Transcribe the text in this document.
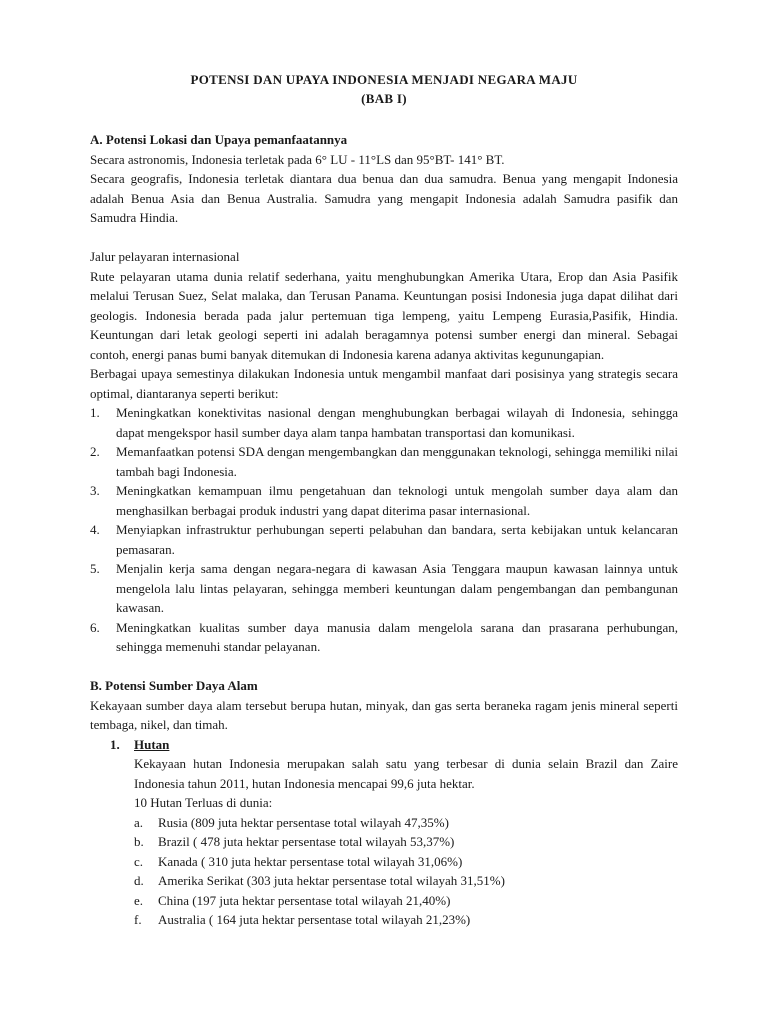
POTENSI DAN UPAYA INDONESIA MENJADI NEGARA MAJU
(BAB I)
A. Potensi Lokasi dan Upaya pemanfaatannya

Secara astronomis, Indonesia terletak pada 6° LU - 11°LS dan 95°BT- 141° BT.

Secara geografis, Indonesia terletak diantara dua benua dan dua samudra. Benua yang mengapit Indonesia adalah Benua Asia dan Benua Australia. Samudra yang mengapit Indonesia adalah Samudra pasifik dan Samudra Hindia.

Jalur pelayaran internasional

Rute pelayaran utama dunia relatif sederhana, yaitu menghubungkan Amerika Utara, Erop dan Asia Pasifik melalui Terusan Suez, Selat malaka, dan Terusan Panama. Keuntungan posisi Indonesia juga dapat dilihat dari geologis. Indonesia berada pada jalur pertemuan tiga lempeng, yaitu Lempeng Eurasia,Pasifik, Hindia. Keuntungan dari letak geologi seperti ini adalah beragamnya potensi sumber energi dan mineral. Sebagai contoh, energi panas bumi banyak ditemukan di Indonesia karena adanya aktivitas kegunungapian.

Berbagai upaya semestinya dilakukan Indonesia untuk mengambil manfaat dari posisinya yang strategis secara optimal, diantaranya seperti berikut:

1. Meningkatkan konektivitas nasional dengan menghubungkan berbagai wilayah di Indonesia, sehingga dapat mengekspor hasil sumber daya alam tanpa hambatan transportasi dan komunikasi.
2. Memanfaatkan potensi SDA dengan mengembangkan dan menggunakan teknologi, sehingga memiliki nilai tambah bagi Indonesia.
3. Meningkatkan kemampuan ilmu pengetahuan dan teknologi untuk mengolah sumber daya alam dan menghasilkan berbagai produk industri yang dapat diterima pasar internasional.
4. Menyiapkan infrastruktur perhubungan seperti pelabuhan dan bandara, serta kebijakan untuk kelancaran pemasaran.
5. Menjalin kerja sama dengan negara-negara di kawasan Asia Tenggara maupun kawasan lainnya untuk mengelola lalu lintas pelayaran, sehingga memberi keuntungan dalam pengembangan dan pembangunan kawasan.
6. Meningkatkan kualitas sumber daya manusia dalam mengelola sarana dan prasarana perhubungan, sehingga memenuhi standar pelayanan.
B. Potensi Sumber Daya Alam

Kekayaan sumber daya alam tersebut berupa hutan, minyak, dan gas serta beraneka ragam jenis mineral seperti tembaga, nikel, dan timah.

1. Hutan

Kekayaan hutan Indonesia merupakan salah satu yang terbesar di dunia selain Brazil dan Zaire Indonesia tahun 2011, hutan Indonesia mencapai 99,6 juta hektar.

10 Hutan Terluas di dunia:

a. Rusia (809 juta hektar persentase total wilayah 47,35%)
b. Brazil ( 478 juta hektar persentase total wilayah 53,37%)
c. Kanada ( 310 juta hektar persentase total wilayah 31,06%)
d. Amerika Serikat (303 juta hektar persentase total wilayah 31,51%)
e. China (197 juta hektar persentase total wilayah 21,40%)
f. Australia ( 164 juta hektar persentase total wilayah 21,23%)
